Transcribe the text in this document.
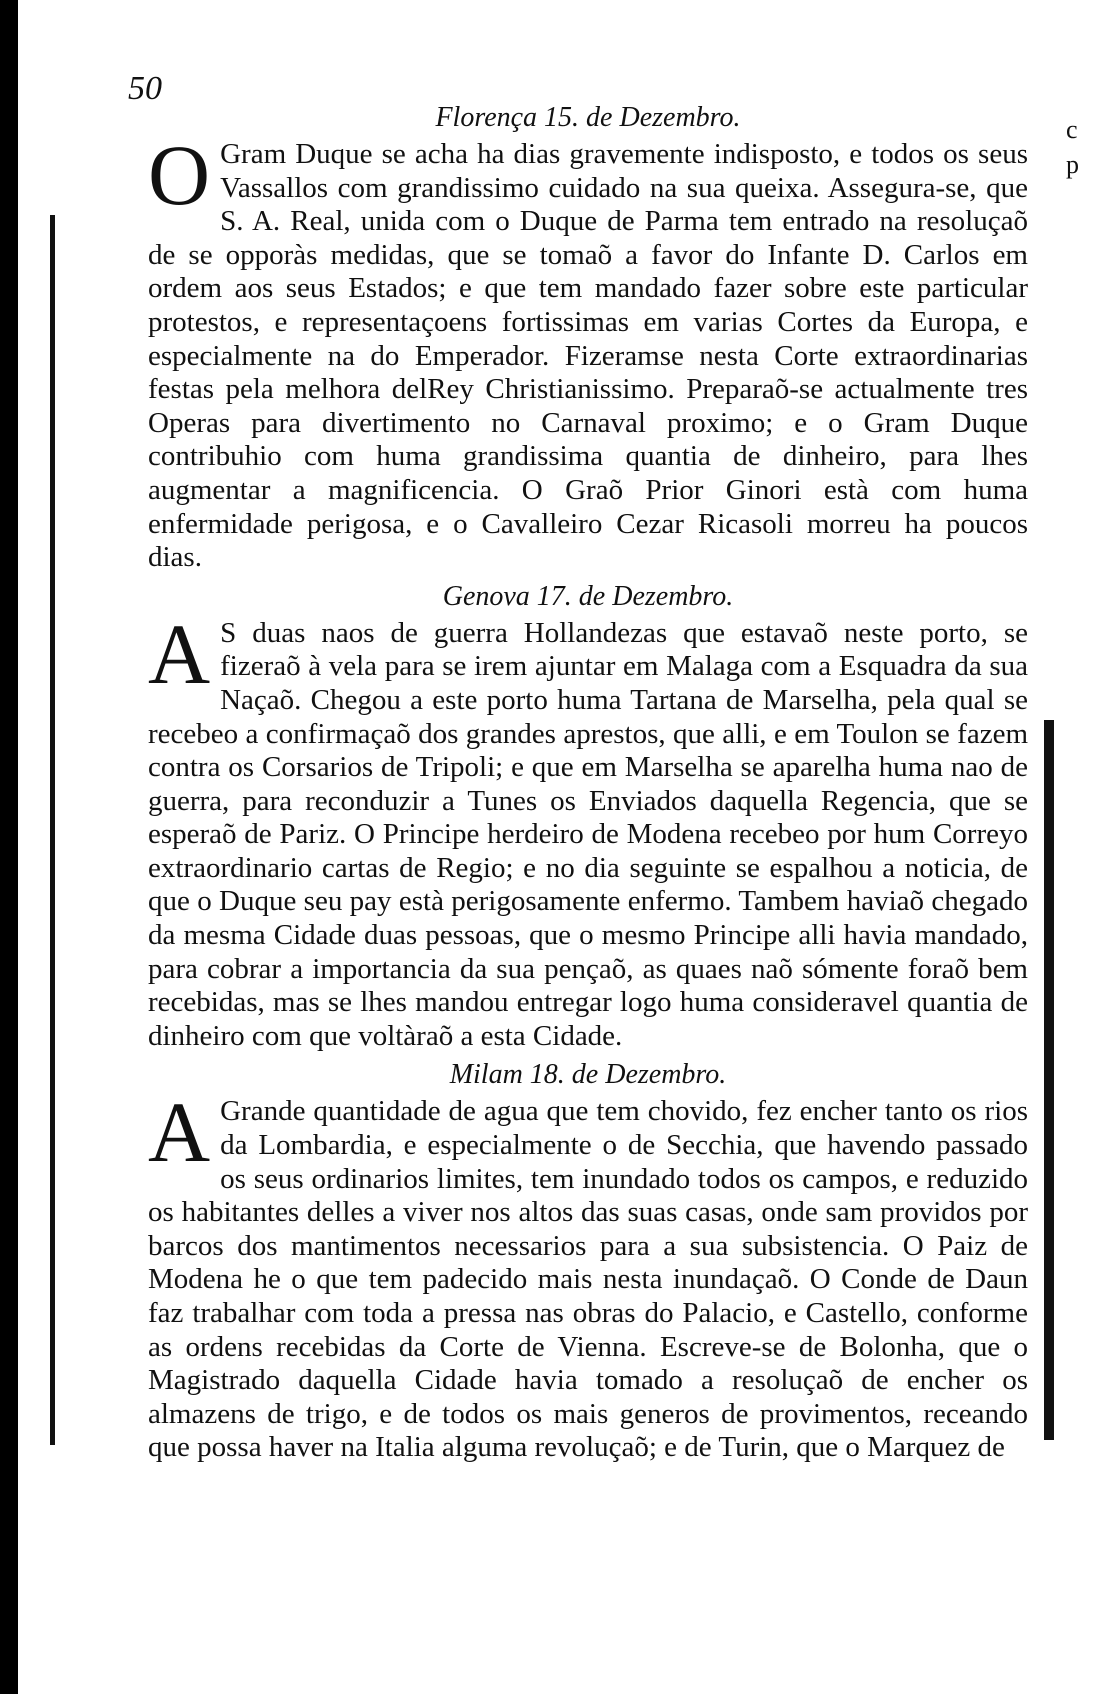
50

Florença 15. de Dezembro.

O Gram Duque se acha ha dias gravemente indisposto, e todos os seus Vassallos com grandissimo cuidado na sua queixa. Assegura-se, que S. A. Real, unida com o Duque de Parma tem entrado na resoluçaõ de se opporàs medidas, que se tomaõ a favor do Infante D. Carlos em ordem aos seus Estados; e que tem mandado fazer sobre este particular protestos, e representaçoens fortissimas em varias Cortes da Europa, e especialmente na do Emperador. Fizeramse nesta Corte extraordinarias festas pela melhora delRey Christianissimo. Preparaõ-se actualmente tres Operas para divertimento no Carnaval proximo; e o Gram Duque contribuhio com huma grandissima quantia de dinheiro, para lhes augmentar a magnificencia. O Graõ Prior Ginori està com huma enfermidade perigosa, e o Cavalleiro Cezar Ricasoli morreu ha poucos dias.

Genova 17. de Dezembro.

A S duas naos de guerra Hollandezas que estavaõ neste porto, se fizeraõ à vela para se irem ajuntar em Malaga com a Esquadra da sua Naçaõ. Chegou a este porto huma Tartana de Marselha, pela qual se recebeo a confirmaçaõ dos grandes aprestos, que alli, e em Toulon se fazem contra os Corsarios de Tripoli; e que em Marselha se aparelha huma nao de guerra, para reconduzir a Tunes os Enviados daquella Regencia, que se esperaõ de Pariz. O Principe herdeiro de Modena recebeo por hum Correyo extraordinario cartas de Regio; e no dia seguinte se espalhou a noticia, de que o Duque seu pay està perigosamente enfermo. Tambem haviaõ chegado da mesma Cidade duas pessoas, que o mesmo Principe alli havia mandado, para cobrar a importancia da sua pençaõ, as quaes naõ sómente foraõ bem recebidas, mas se lhes mandou entregar logo huma consideravel quantia de dinheiro com que voltàraõ a esta Cidade.

Milam 18. de Dezembro.

A Grande quantidade de agua que tem chovido, fez encher tanto os rios da Lombardia, e especialmente o de Secchia, que havendo passado os seus ordinarios limites, tem inundado todos os campos, e reduzido os habitantes delles a viver nos altos das suas casas, onde sam providos por barcos dos mantimentos necessarios para a sua subsistencia. O Paiz de Modena he o que tem padecido mais nesta inundaçaõ. O Conde de Daun faz trabalhar com toda a pressa nas obras do Palacio, e Castello, conforme as ordens recebidas da Corte de Vienna. Escreve-se de Bolonha, que o Magistrado daquella Cidade havia tomado a resoluçaõ de encher os almazens de trigo, e de todos os mais generos de provimentos, receando que possa haver na Italia alguma revoluçaõ; e de Turin, que o Marquez de

c
p
